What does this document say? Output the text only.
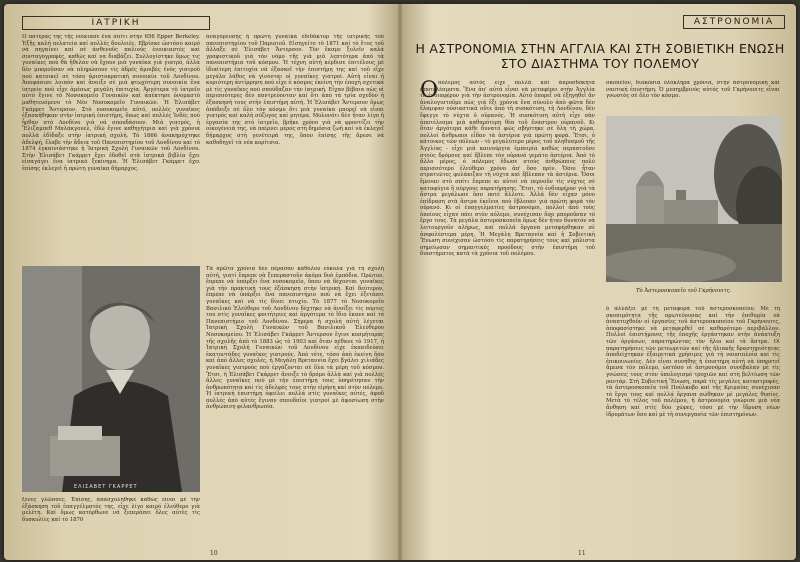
ΙΑΤΡΙΚΗ
Ὁ πατέρας της τῆς νοίκιασε ἕνα σπίτι στὴν 656 Epper Berkeley. Ἐξῆς καλή πελατεία καί πολλές δουλειές. Εβρίσκε ὡστόσο καιρό νὰ πηγαίνει καί σὲ ἀσθενοῦς παλιούς ἐνοικιαστές καὶ συνταγογραφές, καθὼς καί να διαβάζει. Συλλογίστηκε ὅμως τις γυναίκες πού θὰ ἤθελαν νὰ ἔχουν μιὰ γυναίκα γιὰ γιατρό, ἀλλὰ δὲν μποροῦσαν νὰ πληρώσουν τὶς ἁδρές ἀμοιβές ἑνὸς γιατροῦ πού κατοικεῖ σὲ τόσο ἀριστοκρατική συνοικία τοῦ Λονδίνου. Ἀποφάσισε λοιπὸν καί ἄνοιξε σὲ μιὰ φτωχότερη συνοικία ἕνα ἰατρείο πού εἶχε ἀμέσως μεγάλη ἐπιτυχία. Ἀργότερα τὸ ἰατρεῖο αὐτό ἔγινε τὸ Νοσοκομεῖο Γυναικῶν καὶ ἀπέκτησε ὀνομαστὸ μαθητευόμενο τὸ Νέο Νοσοκομεῖο Γυναικῶν. Ἡ Ἐλισάβετ Γκάρρετ Ἄντερσον. Στὸ νοσοκομεῖο αὐτό, πολλές γυναῖκες ἐξασκήθηκαν στὴν ἰατρική ἐπιστήμη, ὅπως καί πολλές Ἰνδές πού ἦρθαν στὸ Λονδίνο γιὰ νά σπουδάσουν. Μιὰ γιατρός, ἡ Ἔλιζαμπεθ Μπλάκγουελ, ἐδῶ ἔγινε καθηγήτρια καί γιὰ χρόνια πολλά ἐδίδαξε στὴν ἰατρική σχολή. Τὸ 1866 ἀνακηρύχτηκε ἀδελφή, ἔλαβε τὴν ἄδεια τοῦ Πανεπιστημίου τοῦ Λονδίνου καί τὸ 1874 ἐγκαινιάστηκε ἡ Ἰατρική Σχολή Γυναικῶν τοῦ Λονδίνου. Στὴν Ἐλισάβετ Γκάρρετ ἔχει ἐδοθεῖ στὰ ἰατρικά βιβλία ἔχει εἰσαγάγει ἕνα ἰατρικὸ ξεκίνημα. Ἡ Ἐλισάβετ Γκάρρετ ἔχει ἐπίσης ἐκλεγεῖ ἡ πρώτη γυναίκα δήμαρχος.
ἀναγόρευσης ἡ πρώτη γυναίκα ἐδιδάκτορ τῆς ἰατρικῆς τοῦ πανεπιστημίου τοῦ Παρισιοῦ. Εἰσηγείτο τὸ 1871 καί τὸ ἔτος τοῦ ἄλλαξε σὲ Ἐλισάβετ Ἄντερσον. Τὸν ἔκαμε ξυλεῖν καλά γραφιστικοῦ γιὰ τὸν νόμο τῆς γιὰ μιὰ λεπτότερα ἀπὸ τὰ πανεπιστήμια τοῦ κόσμου. Ἡ τέχνη αὐτή κέρδισε ἐπιτέλους μὲ ἰδιαίτερη ἐπιτυχία νά ἐξασκεῖ τὴν ἐπιστήμη της καί τοῦ εἶχε μεγάλο λάθος νὰ γίνονται οἱ γυναῖκες γιατροί. Αὐτὴ εἶναι ἡ κυριότερη ἀντίρρηση πού εἶχε ὁ κόσμος ἐκείνη τὴν ἐποχή σχετικά μὲ τὶς γυναῖκες πού σπούδαζαν τὴν ἰατρική. Εἶχαν βέβαια πὼς οἱ περισσότερες δὲν παντρεύονταν καί ὅτι ἀπὸ τὰ τρία σχεδὸν ἡ ἐξασκησή τους στὴν ἐπιστήμη αὐτή. Ἡ Ἐλισάβετ Ἄντερσον ὅμως ἀπόδειξε σὲ ὅλο τὸν κόσμο ὅτι μιὰ γυναίκα μπορεῖ νὰ εἶναι γιατρός καί καλή σύζυγος καί μητέρα. Μολονότι δὲν ἦταν λίγο ἡ ἐργασία της στὸ ἰατρεῖο, βρῆκε χρόνο γιὰ νὰ φροντίζει τὴν οἰκογένειά της, νὰ παίρνει μέρος στὴ δημόσια ζωή καί νὰ ἐκλεγεῖ δήμαρχος στὴ γενέτειρά της, ὅπου ἐπίσης τῆς ἄρεσε νά καθοδηγεῖ τὰ νέα κορίτσια.
ΕΛΙΣΑΒΕΤ ΓΚΑΡΡΕΤ
ξένες γλῶσσες. Ἐπίσης, ἀπασχολήθηκε καθὼς εἶναι μὲ τὴν ἐξάσκηση τοῦ ἐπαγγέλματός της, εἶχε λίγο καιρό ἐλεύθερο γιὰ μελέτη. Καί ὅμως κατόρθωνε νά ξεπεράσει ὅλες αὐτές τὶς δυσκολίες καί τὸ 1870
Τὰ πρῶτα χρόνια δέν πέρασαν καθόλου εὔκολα γιὰ τὴ σχολή αὐτή, γιατί ἔπρεπε νὰ ξεπεραστοῦν ἀκόμα δυὸ ἐμπόδια. Πρῶτον, ἔπρεπε νὰ ὑπάρξει ἕνα νοσοκομεῖο, ὅπου νὰ δέχονται γυναῖκες γιὰ τὴν πρακτική τους ἐξάσκηση στὴν ἰατρική. Καί δεύτερον, ἔπρεπε νὰ ὑπάρξει ἕνα πανεπιστήμιο πού νὰ ἔχει ἐξετάσει γυναῖκες καὶ νὰ τὶς δίνει πτυχίο. Τὸ 1877 τὸ Νοσοκομεῖο Βασιλικὸ Ἐλεύθερο τοῦ Λονδίνου δέχτηκε νὰ ἀνοίξει τὶς πόρτες του στὶς γυναῖκες φοιτήτριες καί ἀργότερα τὸ ἴδιο ἔκανε καί τὸ Πανεπιστήμιο τοῦ Λονδίνου. Σήμερα ἡ σχολή αὐτή λέγεται Ἰατρική Σχολή Γυναικῶν τοῦ Βασιλικοῦ Ἐλεύθερου Νοσοκομείου. Ἡ Ἐλισάβετ Γκάρρετ Ἄντερσον ἔγινε κοσμήτορας τῆς σχολῆς ἀπὸ τὸ 1883 ὡς τὸ 1903 καί ὅταν πέθανε τὸ 1917, ἡ Ἰατρική Σχολή Γυναικῶν τοῦ Λονδίνου εἶχε ἐκπαιδεύσει ἑκατοντάδες γυναῖκες γιατρούς. Ἀπὸ τότε, τόσο ἀπὸ ἐκείνη ὅσο καί ἀπὸ ἄλλες σχολές, ἡ Μεγάλη Βρεταννία ἔχει βγάλει χιλιάδες γυναῖκες γιατρούς πού ἐργάζονται σὲ ὅλα τὰ μέρη τοῦ κόσμου. Ἔτσι, ἡ Ἐλισάβετ Γκάρρετ ἄνοιξε τὸ δρόμο ἀλλὰ καί γιὰ πολλές ἄλλες γυναῖκες πού μὲ τὴν ἐπιστήμη τους ὑπηρέτησαν τὴν ἀνθρωπότητα καί τὶς ἀδελφές τους στὴν εἰρήνη καί στὸν πόλεμο. Ἡ ἰατρική ἐπιστήμη ὀφείλει πολλά στὶς γυναῖκες αὐτές, ἀφοῦ πολλές ἀπὸ αὐτές ἔγιναν σπουδαῖοι γιατροί μὲ ἀφοσίωση στὴν ἀνθρώπινη φιλανθρωπία.
10
ΑΣΤΡΟΝΟΜΙΑ
Η ΑΣΤΡΟΝΟΜΙΑ ΣΤΗΝ ΑΓΓΛΙΑ ΚΑΙ ΣΤΗ ΣΟΒΙΕΤΙΚΗ ΕΝΩΣΗ ΣΤΟ ΔΙΑΣΤΗΜΑ ΤΟΥ ΠΟΛΕΜΟΥ
Ο πόλεμος αὐτός εἶχε πολλά καί ἀπροσδόκητα ἀποτελέσματα. Ἕνα ἀπ' αὐτά εἶναι νὰ μεταφέρει στὴν Ἀγγλία τὸ ἐνδιαφέρον γιὰ τὴν ἀστρονομία. Αὐτό ὑπορεῖ νὰ ἐξηγηθεῖ ἂν ἀναλογιστοῦμε πὼς γιὰ ἕξι χρόνια ἕνα σύνολο ἀπὸ φῶτα δὲν ἔλαμψαν οὐσιαστικά οὔτε ἀπὸ τὴ συσκότιση, τὴ Λονδίνου, δὲν ἔφεγγε τὸ νύχτα ὁ οὐρανός. Ἡ συσκότιση αὐτή εἶχε σὰν ἀποτέλεσμα μιὰ καθαρότερη θέα τοῦ ἔναστρου οὐρανοῦ. Κι ὅταν ἀργότερα κάθε δυνατό φῶς σβήστηκε σὲ ὅλη τὴ χώρα, πολλοί ἄνθρωποι εἶδαν τὰ ἀστέρια γιὰ πρώτη φορά. Ἔτσι, ὁ κάτοικος τῶν πόλεων - τὸ μεγαλύτερο μέρος τοῦ πληθυσμοῦ τῆς Ἀγγλίας - εἶχε μιὰ καινούργια ἐμπειρία καθὼς περπατοῦσε στοὺς δρόμους καί ἔβλεπε τὸν οὐρανό γεμάτο ἀστέρια. Ἀπὸ τὸ ἄλλο μέρος, ὁ πόλεμος ἔδωσε στοὺς ἀνθρώπους πολύ περισσότερο ἐλεύθερο χρόνο ἀπ' ὅσο πρίν. Ὅσοι ἦταν στρατιῶτες φυλάκιζαν τὴ νύχτα καί ἔβλεπαν τὰ ἀστέρια. Ὅσοι ἔμεναν στὸ σπίτι ἔπρεπε κι αὐτοί νὰ περνοῦν τὶς νύχτες σὲ καταφύγια ἢ πύργους παρατήρησης. Ἔτσι, τὸ ἐνδιαφέρον γιὰ τὰ ἄστρα μεγάλωσε ὅσο ποτέ ἄλλοτε. Ἀλλά δὲν εἶχαν μόνο ἐπίδραση στὰ ἄστρα ἐκεῖνοι πού ἔβλεπαν γιὰ πρώτη φορά τὸν οὐρανό. Κι οἱ ἐπαγγελματίες ἀστρονόμοι, πολλοί ἀπὸ τοὺς ὁποίους εἶχαν πάει στὸν πόλεμο, συνέχισαν ὅσο μποροῦσαν τὸ ἔργο τους. Τὰ μεγάλα ἀστεροσκοπεῖα ὅμως δὲν ἦταν δυνατόν νὰ λειτουργοῦν πλήρως, καί πολλά ὄργανα μεταφέρθηκαν σὲ ἀσφαλέστερα μέρη. Ἡ Μεγάλη Βρεταννία καί ἡ Σοβιετική Ἕνωση συνέχισαν ὡστόσο τὶς παρατηρήσεις τους καί μάλιστα σημείωσαν σημαντικές προόδους στὴν ἐπιστήμη τοῦ διαστήματος κατὰ τὰ χρόνια τοῦ πολέμου.
σκοπεῖον, διακόσια ὀλόκληρα χρόνια, στὴν ἀστρονομική καί ναυτική ἐπιστήμη. Ὁ μεσημβρινὸς αὐτός τοῦ Γκρήνουιτς εἶναι γνωστὸς σὲ ὅλο τὸν κόσμο.
Τὸ Ἀστεροσκοπεῖο τοῦ Γκρήνουιτς.
ὅ ἀλλάξει μὲ τή μεταφορά τοῦ ἀστεροσκοπείου. Μὲ τὴ σκοπιμότητα τῆς πρωτεύουσας καί τὴν ἐπιθυμία νὰ ἀναπτυχθοῦν οἱ ἐργασίες τοῦ ἀστεροσκοπείου τοῦ Γκρήνουιτς, ἀποφασίστηκε νὰ μεταφερθεῖ σὲ καθαρότερο περιβάλλον. Πολλοί ἐπιστήμονες τῆς ἐποχῆς ἐργάστηκαν στὴν ἀνάπτυξη τῶν ὀργάνων, παρατηρώντας τὸν ἥλιο καί τὰ ἄστρα. Οἱ παρατηρήσεις τῶν μετεωριτῶν καί τῆς ἡλιακῆς δραστηριότητας ἀποδείχτηκαν ἐξαιρετικά χρήσιμες γιὰ τὴ ναυσιπλοΐα καί τὶς ἐπικοινωνίες. Δὲν εἶναι συνήθης ἡ ἐπιστήμη αὐτή νὰ ὑπηρετεῖ ἄμεσα τὸν πόλεμο, ὡστόσο οἱ ἀστρονόμοι συνέβαλαν μὲ τὶς γνώσεις τους στὸν ὑπολογισμό τροχιῶν καί στὴ βελτίωση τῶν ραντάρ. Στὴ Σοβιετική Ἕνωση, παρὰ τὶς μεγάλες καταστροφές, τὰ ἀστεροσκοπεῖα τοῦ Πούλκοβο καί τῆς Κριμαίας συνέχισαν τὸ ἔργο τους καί πολλά ὄργανα σώθηκαν μὲ μεγάλες θυσίες. Μετὰ τὸ τέλος τοῦ πολέμου, ἡ ἀστρονομία γνώρισε μιὰ νέα ἄνθηση καί στὶς δύο χῶρες, τόσο μὲ τὴν ἵδρυση νέων ἱδρυμάτων ὅσο καί μὲ τὴ συνεργασία τῶν ἐπιστημόνων.
11
